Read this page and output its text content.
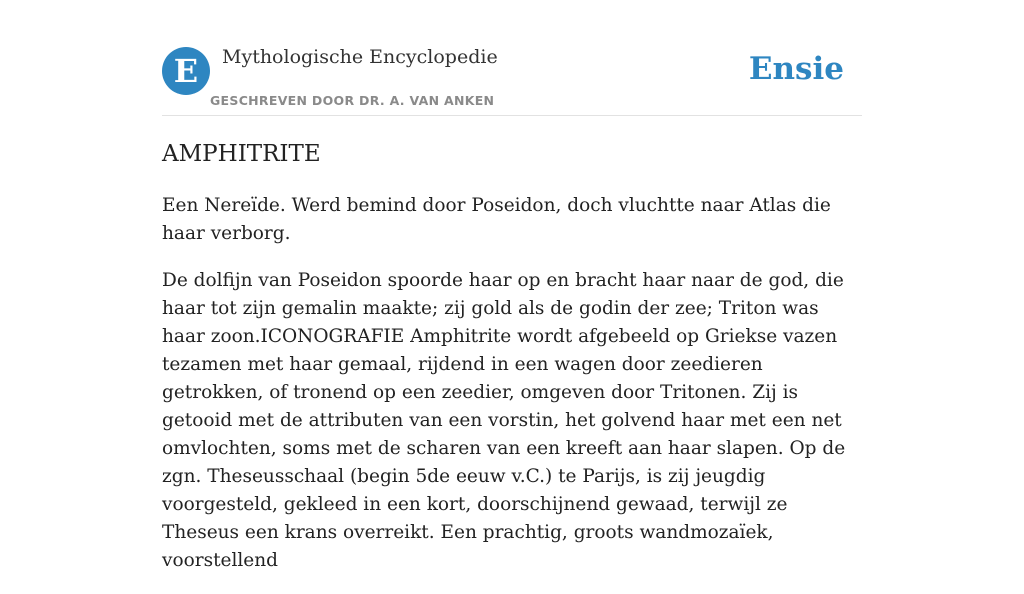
E	Mythologische Encyclopedie
GESCHREVEN DOOR DR. A. VAN ANKEN
Ensie
AMPHITRITE

Een Nereïde. Werd bemind door Poseidon, doch vluchtte naar Atlas die haar verborg.

De dolfijn van Poseidon spoorde haar op en bracht haar naar de god, die haar tot zijn gemalin maakte; zij gold als de godin der zee; Triton was haar zoon.ICONOGRAFIE Amphitrite wordt afgebeeld op Griekse vazen tezamen met haar gemaal, rijdend in een wagen door zeedieren getrokken, of tronend op een zeedier, omgeven door Tritonen. Zij is getooid met de attributen van een vorstin, het golvend haar met een net omvlochten, soms met de scharen van een kreeft aan haar slapen. Op de zgn. Theseusschaal (begin 5de eeuw v.C.) te Parijs, is zij jeugdig voorgesteld, gekleed in een kort, doorschijnend gewaad, terwijl ze Theseus een krans overreikt. Een prachtig, groots wandmozaïek, voorstellend
